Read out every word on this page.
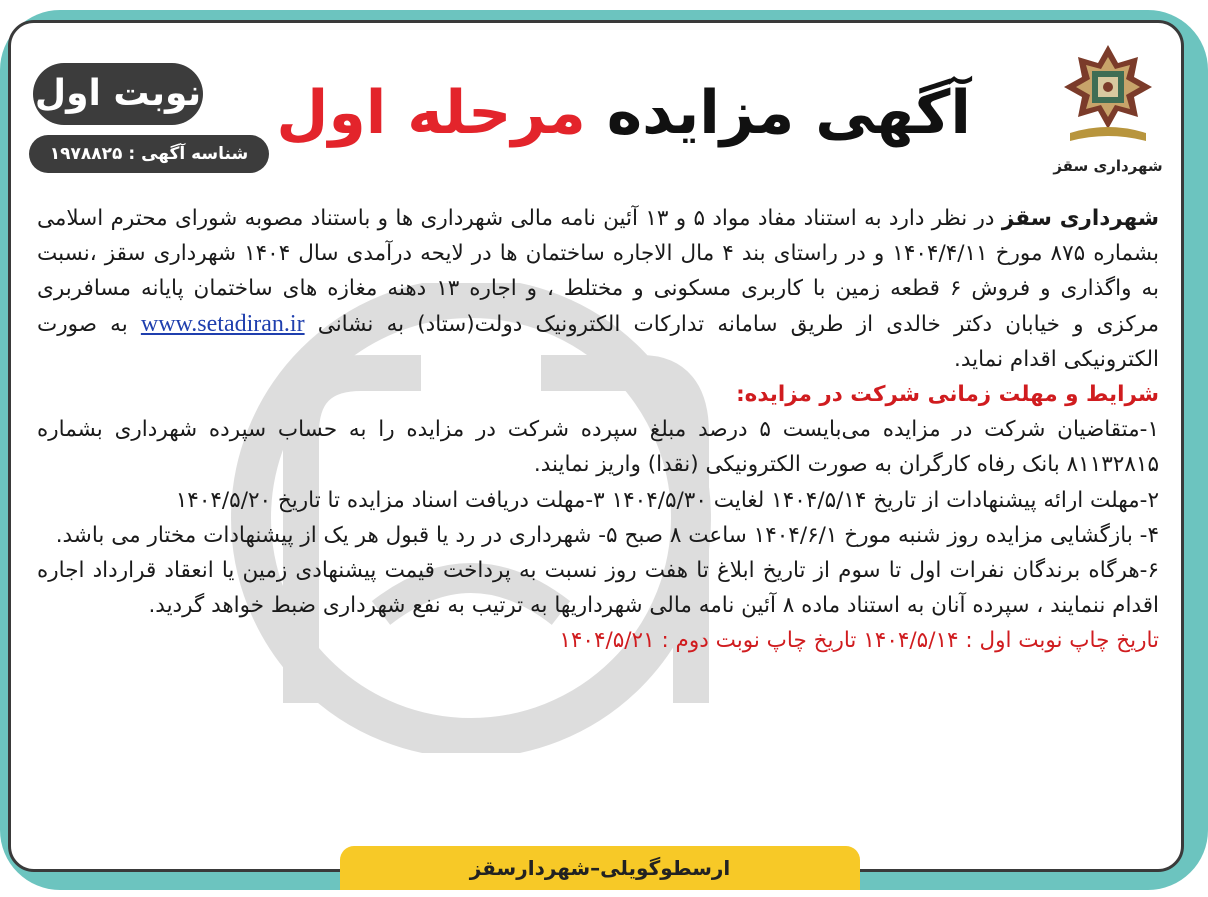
شهرداری سقز
آگهی مزایده مرحله اول
نوبت اول
شناسه آگهی : ۱۹۷۸۸۲۵

شهرداری سقز در نظر دارد به استناد مفاد مواد ۵ و ۱۳ آئین نامه مالی شهرداری ها و باستناد مصوبه شورای محترم اسلامی بشماره ۸۷۵ مورخ ۱۴۰۴/۴/۱۱ و در راستای بند ۴ مال الاجاره ساختمان ها در لایحه درآمدی سال ۱۴۰۴ شهرداری سقز ،نسبت به واگذاری و فروش ۶ قطعه زمین با کاربری مسکونی و مختلط ، و اجاره ۱۳ دهنه مغازه های ساختمان پایانه مسافربری مرکزی و خیابان دکتر خالدی از طریق سامانه تدارکات الکترونیک دولت(ستاد) به نشانی www.setadiran.ir به صورت الکترونیکی اقدام نماید.

شرایط و مهلت زمانی شرکت در مزایده:

۱-متقاضیان شرکت در مزایده می‌بایست ۵ درصد مبلغ سپرده شرکت در مزایده را به حساب سپرده شهرداری بشماره ۸۱۱۳۲۸۱۵ بانک رفاه کارگران به صورت الکترونیکی (نقدا) واریز نمایند.

۲-مهلت ارائه پیشنهادات از تاریخ ۱۴۰۴/۵/۱۴ لغایت ۱۴۰۴/۵/۳۰ ۳-مهلت دریافت اسناد مزایده تا تاریخ ۱۴۰۴/۵/۲۰

۴- بازگشایی مزایده روز شنبه مورخ ۱۴۰۴/۶/۱ ساعت ۸ صبح ۵- شهرداری در رد یا قبول هر یک از پیشنهادات مختار می باشد.

۶-هرگاه برندگان نفرات اول تا سوم از تاریخ ابلاغ تا هفت روز نسبت به پرداخت قیمت پیشنهادی زمین یا انعقاد قرارداد اجاره اقدام ننمایند ، سپرده آنان به استناد ماده ۸ آئین نامه مالی شهرداریها به ترتیب به نفع شهرداری ضبط خواهد گردید.

تاریخ چاپ نوبت اول : ۱۴۰۴/۵/۱۴ تاریخ چاپ نوبت دوم : ۱۴۰۴/۵/۲۱

ارسطوگویلی–شهردارسقز
